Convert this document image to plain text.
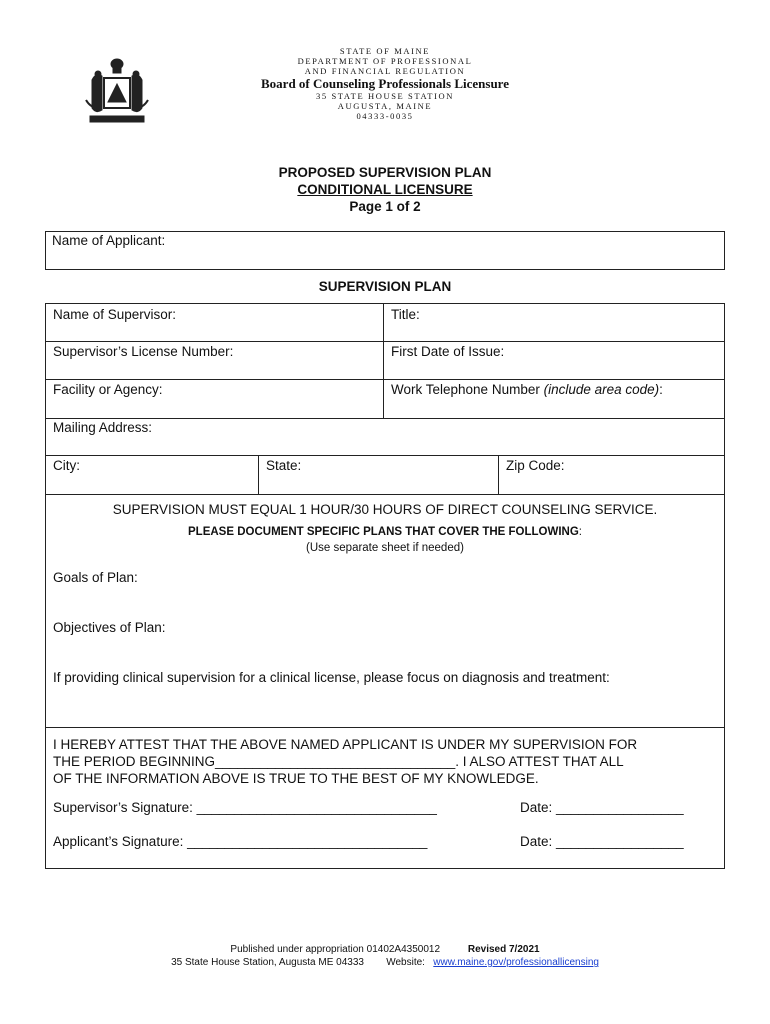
STATE OF MAINE
DEPARTMENT OF PROFESSIONAL
AND FINANCIAL REGULATION
Board of Counseling Professionals Licensure
35 STATE HOUSE STATION
AUGUSTA, MAINE
04333-0035
PROPOSED SUPERVISION PLAN
CONDITIONAL LICENSURE
Page 1 of 2
Name of Applicant:
SUPERVISION PLAN
Name of Supervisor:	Title:
Supervisor’s License Number:	First Date of Issue:
Facility or Agency:	Work Telephone Number (include area code):
Mailing Address:
City:	State:	Zip Code:
SUPERVISION MUST EQUAL 1 HOUR/30 HOURS OF DIRECT COUNSELING SERVICE.
PLEASE DOCUMENT SPECIFIC PLANS THAT COVER THE FOLLOWING:
(Use separate sheet if needed)
Goals of Plan:
Objectives of Plan:
If providing clinical supervision for a clinical license, please focus on diagnosis and treatment:
I HEREBY ATTEST THAT THE ABOVE NAMED APPLICANT IS UNDER MY SUPERVISION FOR
THE PERIOD BEGINNING________________________________. I ALSO ATTEST THAT ALL
OF THE INFORMATION ABOVE IS TRUE TO THE BEST OF MY KNOWLEDGE.
Supervisor’s Signature: ________________________________	Date: _________________
Applicant’s Signature: ________________________________	Date: _________________
Published under appropriation 01402A4350012	Revised 7/2021
35 State House Station, Augusta ME 04333 Website: www.maine.gov/professionallicensing
